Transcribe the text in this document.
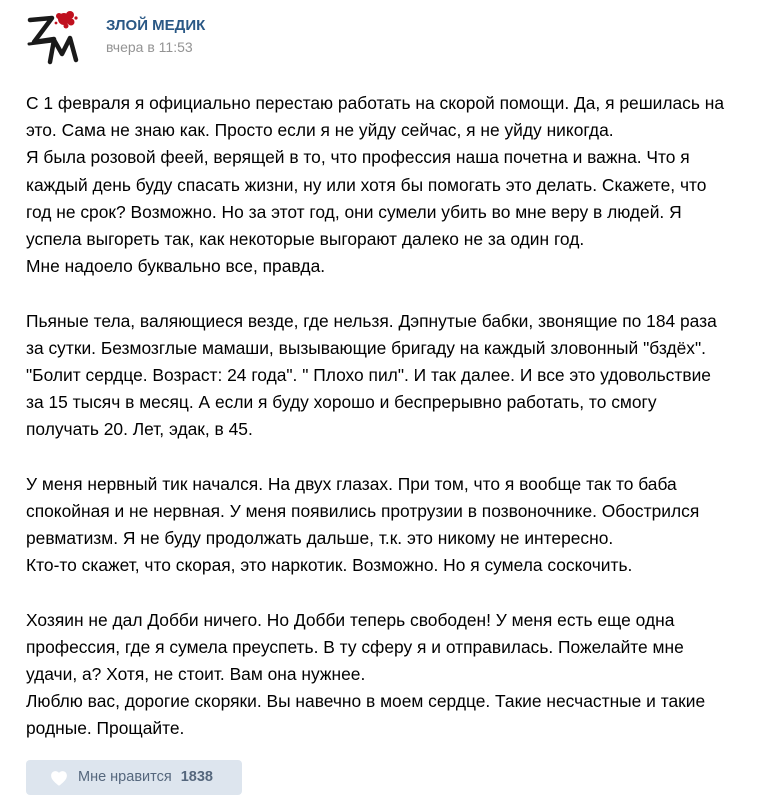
ЗЛОЙ МЕДИК
вчера в 11:53
С 1 февраля я официально перестаю работать на скорой помощи. Да, я решилась на
это. Сама не знаю как. Просто если я не уйду сейчас, я не уйду никогда.
Я была розовой феей, верящей в то, что профессия наша почетна и важна. Что я
каждый день буду спасать жизни, ну или хотя бы помогать это делать. Скажете, что
год не срок? Возможно. Но за этот год, они сумели убить во мне веру в людей. Я
успела выгореть так, как некоторые выгорают далеко не за один год.
Мне надоело буквально все, правда.
Пьяные тела, валяющиеся везде, где нельзя. Дэпнутые бабки, звонящие по 184 раза
за сутки. Безмозглые мамаши, вызывающие бригаду на каждый зловонный "бздёх".
"Болит сердце. Возраст: 24 года". " Плохо пил". И так далее. И все это удовольствие
за 15 тысяч в месяц. А если я буду хорошо и беспрерывно работать, то смогу
получать 20. Лет, эдак, в 45.
У меня нервный тик начался. На двух глазах. При том, что я вообще так то баба
спокойная и не нервная. У меня появились протрузии в позвоночнике. Обострился
ревматизм. Я не буду продолжать дальше, т.к. это никому не интересно.
Кто-то скажет, что скорая, это наркотик. Возможно. Но я сумела соскочить.
Хозяин не дал Добби ничего. Но Добби теперь свободен! У меня есть еще одна
профессия, где я сумела преуспеть. В ту сферу я и отправилась. Пожелайте мне
удачи, а? Хотя, не стоит. Вам она нужнее.
Люблю вас, дорогие скоряки. Вы навечно в моем сердце. Такие несчастные и такие
родные. Прощайте.
Мне нравится 1838
